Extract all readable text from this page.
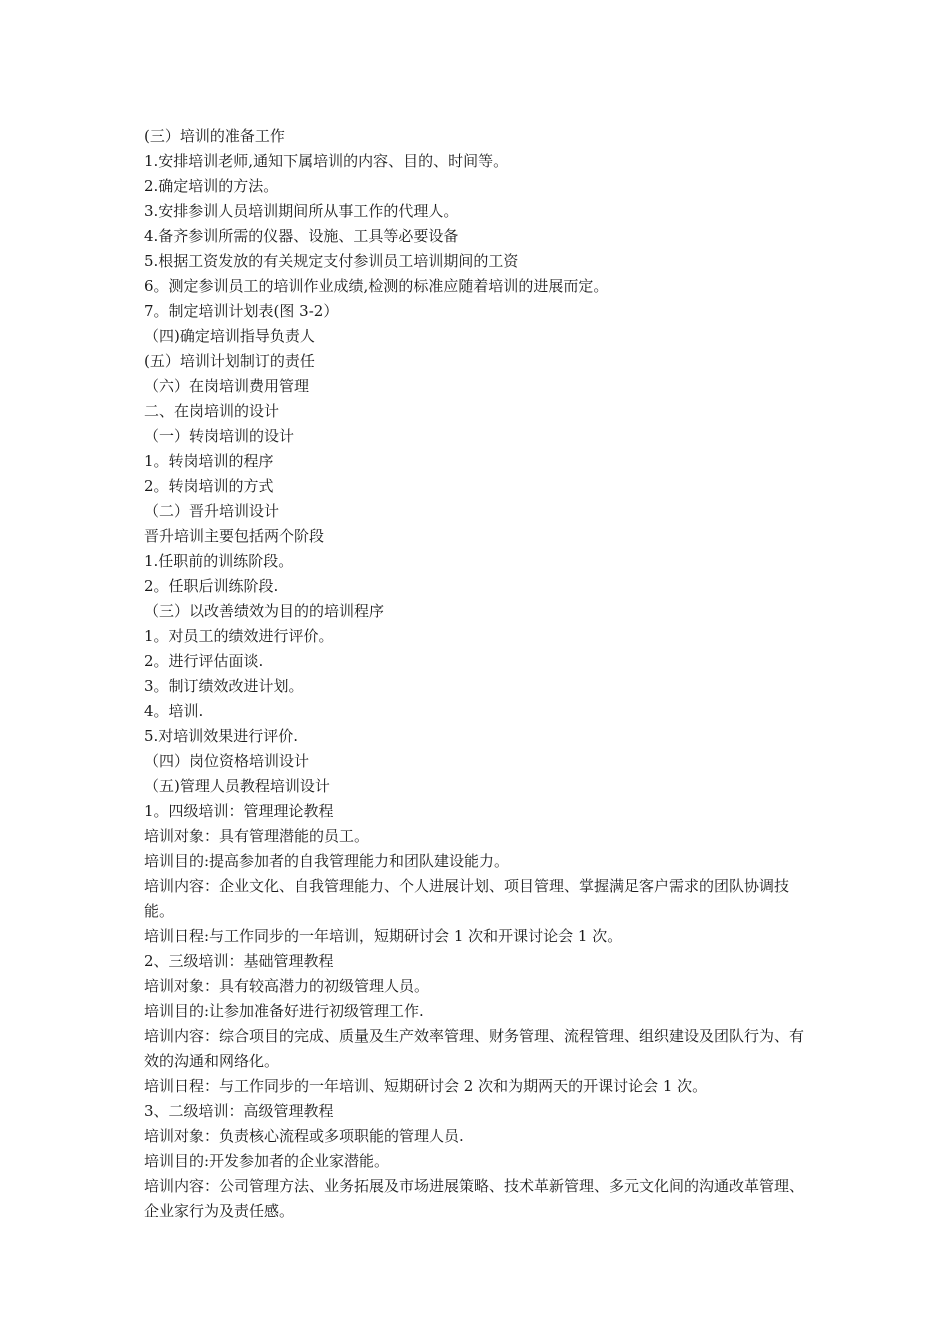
(三）培训的准备工作

1.安排培训老师,通知下属培训的内容、目的、时间等。

2.确定培训的方法。

3.安排参训人员培训期间所从事工作的代理人。

4.备齐参训所需的仪器、设施、工具等必要设备

5.根据工资发放的有关规定支付参训员工培训期间的工资

6。测定参训员工的培训作业成绩,检测的标准应随着培训的进展而定。

7。制定培训计划表(图 3-2）

（四)确定培训指导负责人

(五）培训计划制订的责任

（六）在岗培训费用管理

二、在岗培训的设计

（一）转岗培训的设计

1。转岗培训的程序

2。转岗培训的方式

（二）晋升培训设计

晋升培训主要包括两个阶段

1.任职前的训练阶段。

2。任职后训练阶段.

（三）以改善绩效为目的的培训程序

1。对员工的绩效进行评价。

2。进行评估面谈.

3。制订绩效改进计划。

4。培训.

5.对培训效果进行评价.

（四）岗位资格培训设计

（五)管理人员教程培训设计

1。四级培训：管理理论教程

培训对象：具有管理潜能的员工。

培训目的:提高参加者的自我管理能力和团队建设能力。

培训内容：企业文化、自我管理能力、个人进展计划、项目管理、掌握满足客户需求的团队协调技能。

培训日程:与工作同步的一年培训，短期研讨会 1 次和开课讨论会 1 次。

2、三级培训：基础管理教程

培训对象：具有较高潜力的初级管理人员。

培训目的:让参加准备好进行初级管理工作.

培训内容：综合项目的完成、质量及生产效率管理、财务管理、流程管理、组织建设及团队行为、有效的沟通和网络化。

培训日程：与工作同步的一年培训、短期研讨会 2 次和为期两天的开课讨论会 1 次。

3、二级培训：高级管理教程

培训对象：负责核心流程或多项职能的管理人员.

培训目的:开发参加者的企业家潜能。

培训内容：公司管理方法、业务拓展及市场进展策略、技术革新管理、多元文化间的沟通改革管理、企业家行为及责任感。
